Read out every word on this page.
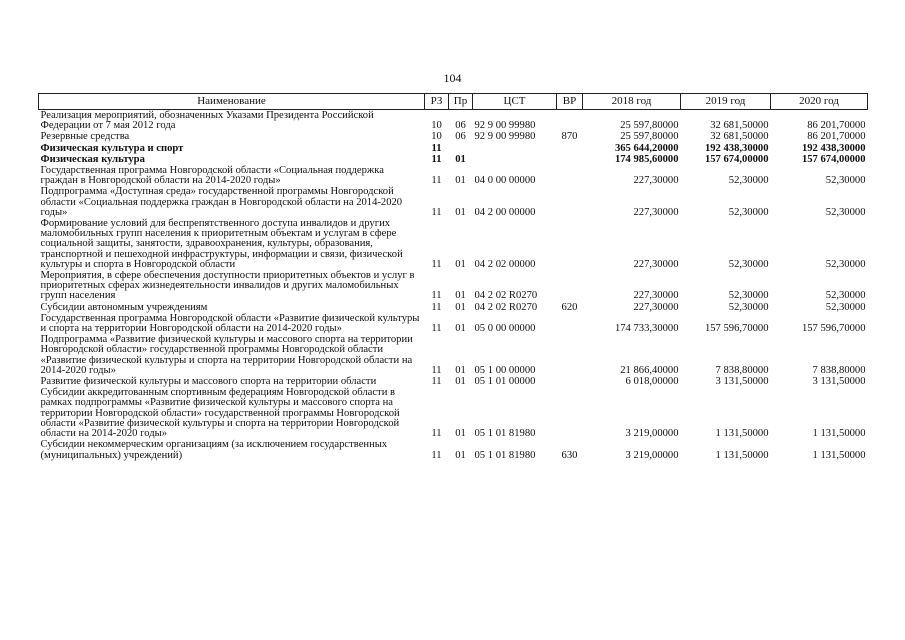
104
Наименование	РЗ	Пр	ЦСТ	ВР	2018 год	2019 год	2020 год
Реализация мероприятий, обозначенных Указами Президента Российской Федерации от 7 мая 2012 года	10	06	92 9 00 99980		25 597,80000	32 681,50000	86 201,70000
Резервные средства	10	06	92 9 00 99980	870	25 597,80000	32 681,50000	86 201,70000
Физическая культура и спорт	11				365 644,20000	192 438,30000	192 438,30000
Физическая культура	11	01			174 985,60000	157 674,00000	157 674,00000
Государственная программа Новгородской области «Социальная поддержка граждан в Новгородской области на 2014-2020 годы»	11	01	04 0 00 00000		227,30000	52,30000	52,30000
Подпрограмма «Доступная среда» государственной программы Новгородской области «Социальная поддержка граждан в Новгородской области на 2014-2020 годы»	11	01	04 2 00 00000		227,30000	52,30000	52,30000
Формирование условий для беспрепятственного доступа инвалидов и других маломобильных групп населения к приоритетным объектам и услугам в сфере социальной защиты, занятости, здравоохранения, культуры, образования, транспортной и пешеходной инфраструктуры, информации и связи, физической культуры и спорта в Новгородской области	11	01	04 2 02 00000		227,30000	52,30000	52,30000
Мероприятия, в сфере обеспечения доступности приоритетных объектов и услуг в приоритетных сферах жизнедеятельности инвалидов и других маломобильных групп населения	11	01	04 2 02 R0270		227,30000	52,30000	52,30000
Субсидии автономным учреждениям	11	01	04 2 02 R0270	620	227,30000	52,30000	52,30000
Государственная программа Новгородской области «Развитие физической культуры и спорта на территории Новгородской области на 2014-2020 годы»	11	01	05 0 00 00000		174 733,30000	157 596,70000	157 596,70000
Подпрограмма «Развитие физической культуры и массового спорта на территории Новгородской области» государственной программы Новгородской области «Развитие физической культуры и спорта на территории Новгородской области на 2014-2020 годы»	11	01	05 1 00 00000		21 866,40000	7 838,80000	7 838,80000
Развитие физической культуры и массового спорта на территории области	11	01	05 1 01 00000		6 018,00000	3 131,50000	3 131,50000
Субсидии аккредитованным спортивным федерациям Новгородской области в рамках подпрограммы «Развитие физической культуры и массового спорта на территории Новгородской области» государственной программы Новгородской области «Развитие физической культуры и спорта на территории Новгородской области на 2014-2020 годы»	11	01	05 1 01 81980		3 219,00000	1 131,50000	1 131,50000
Субсидии некоммерческим организациям (за исключением государственных (муниципальных) учреждений)	11	01	05 1 01 81980	630	3 219,00000	1 131,50000	1 131,50000
